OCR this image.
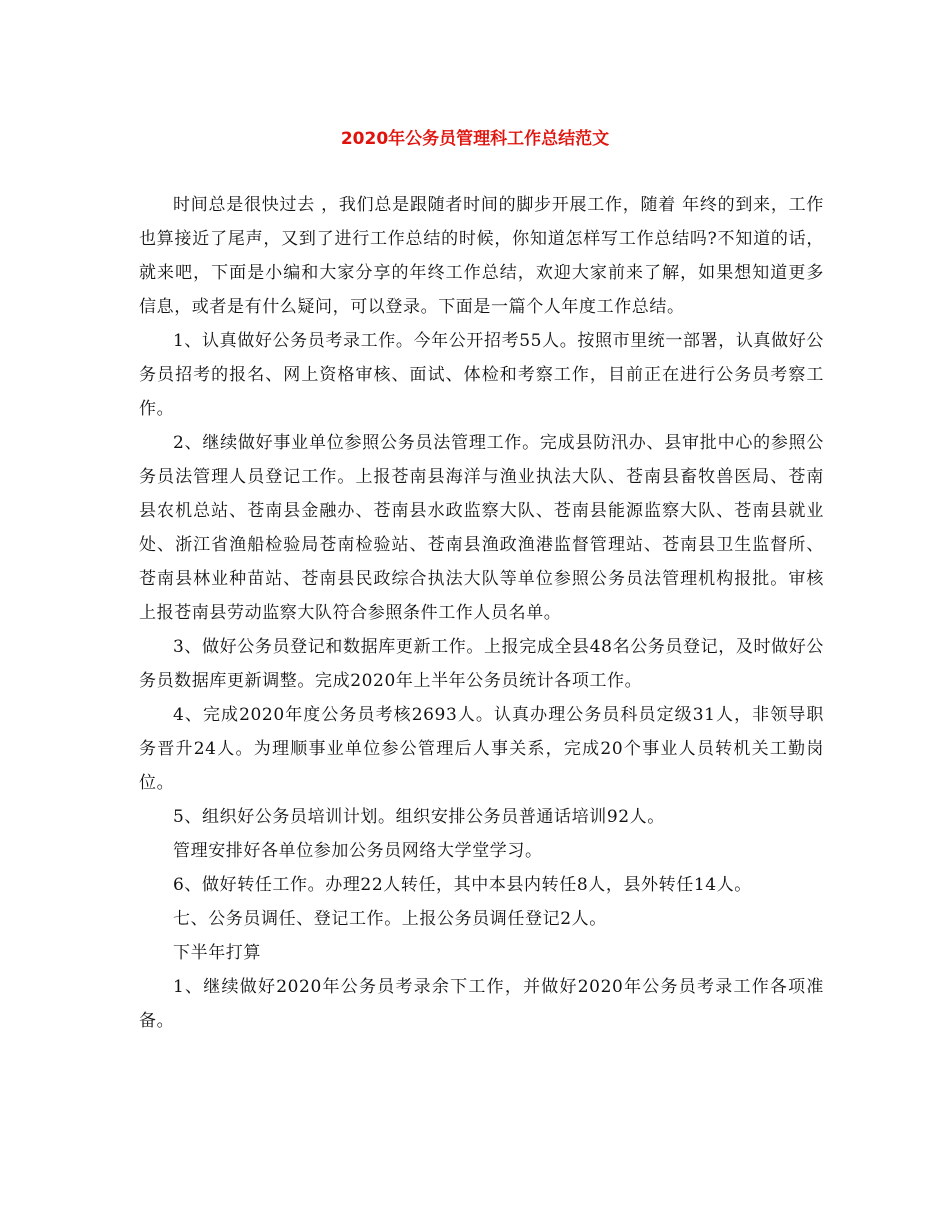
2020年公务员管理科工作总结范文

时间总是很快过去 ，我们总是跟随者时间的脚步开展工作，随着 年终的到来，工作也算接近了尾声，又到了进行工作总结的时候，你知道怎样写工作总结吗?不知道的话，就来吧，下面是小编和大家分享的年终工作总结，欢迎大家前来了解，如果想知道更多信息，或者是有什么疑问，可以登录。下面是一篇个人年度工作总结。

1、认真做好公务员考录工作。今年公开招考55人。按照市里统一部署，认真做好公务员招考的报名、网上资格审核、面试、体检和考察工作，目前正在进行公务员考察工作。

2、继续做好事业单位参照公务员法管理工作。完成县防汛办、县审批中心的参照公务员法管理人员登记工作。上报苍南县海洋与渔业执法大队、苍南县畜牧兽医局、苍南县农机总站、苍南县金融办、苍南县水政监察大队、苍南县能源监察大队、苍南县就业处、浙江省渔船检验局苍南检验站、苍南县渔政渔港监督管理站、苍南县卫生监督所、苍南县林业种苗站、苍南县民政综合执法大队等单位参照公务员法管理机构报批。审核上报苍南县劳动监察大队符合参照条件工作人员名单。

3、做好公务员登记和数据库更新工作。上报完成全县48名公务员登记，及时做好公务员数据库更新调整。完成2020年上半年公务员统计各项工作。

4、完成2020年度公务员考核2693人。认真办理公务员科员定级31人，非领导职务晋升24人。为理顺事业单位参公管理后人事关系，完成20个事业人员转机关工勤岗位。

5、组织好公务员培训计划。组织安排公务员普通话培训92人。

管理安排好各单位参加公务员网络大学堂学习。

6、做好转任工作。办理22人转任，其中本县内转任8人，县外转任14人。

七、公务员调任、登记工作。上报公务员调任登记2人。

下半年打算

1、继续做好2020年公务员考录余下工作，并做好2020年公务员考录工作各项准备。
